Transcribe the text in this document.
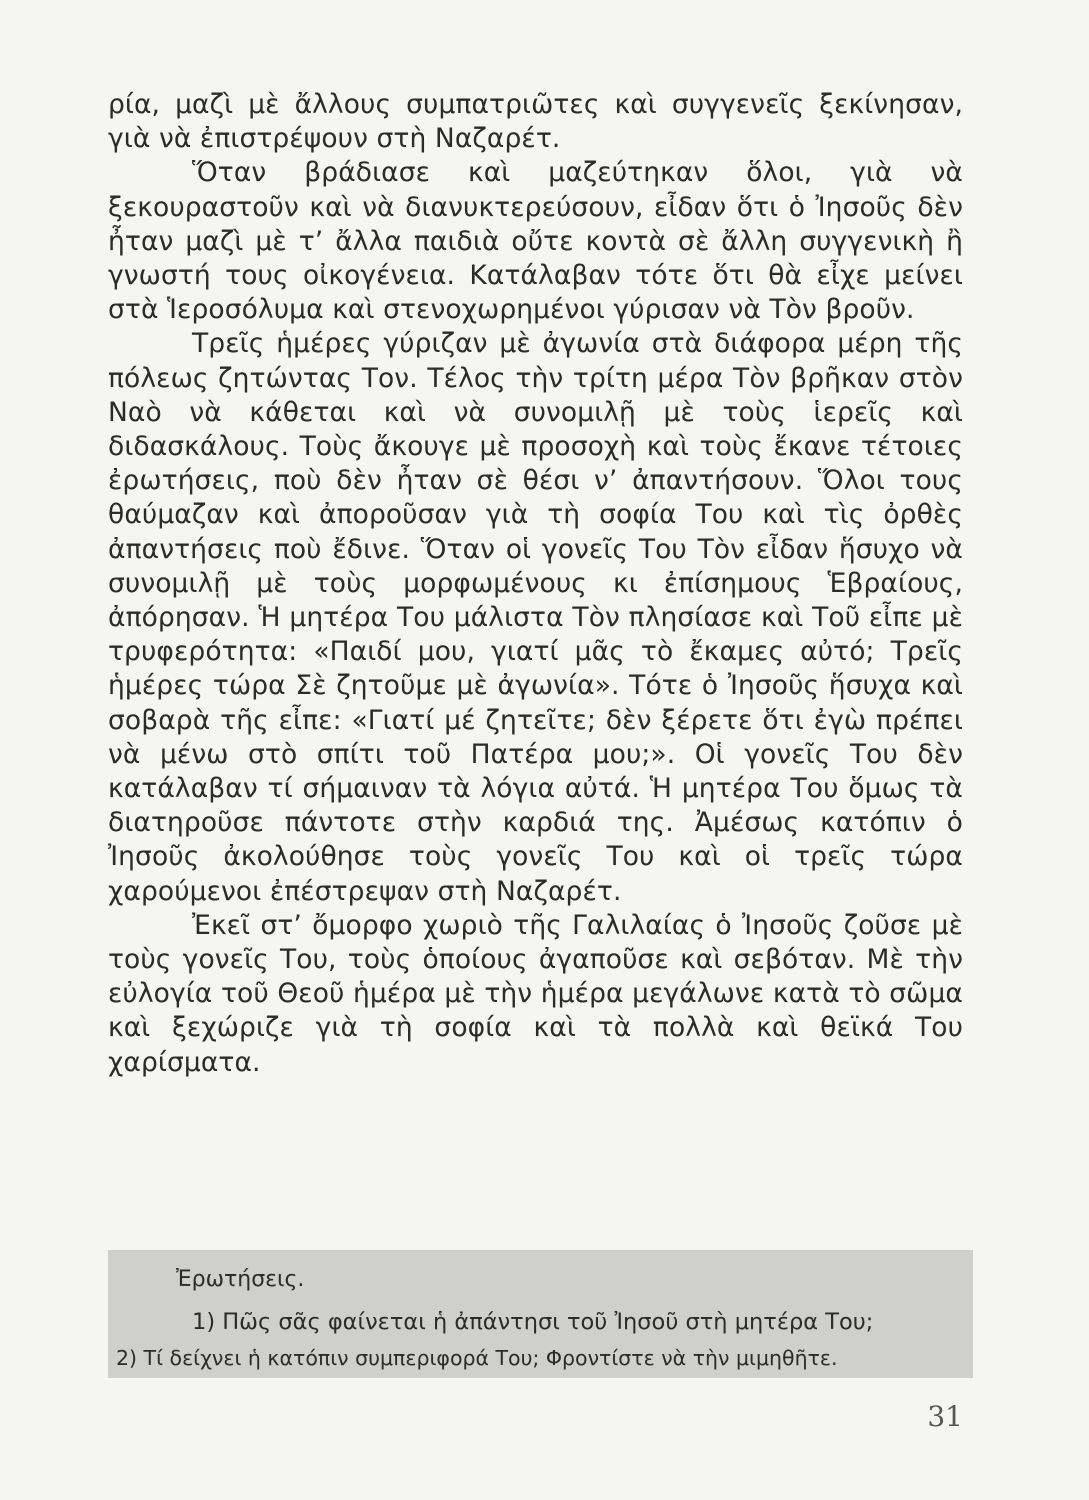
ρία, μαζὶ μὲ ἄλλους συμπατριῶτες καὶ συγγενεῖς ξεκίνησαν, γιὰ νὰ ἐπιστρέψουν στὴ Ναζαρέτ.

Ὅταν βράδιασε καὶ μαζεύτηκαν ὅλοι, γιὰ νὰ ξεκουραστοῦν καὶ νὰ διανυκτερεύσουν, εἶδαν ὅτι ὁ Ἰησοῦς δὲν ἦταν μαζὶ μὲ τ’ ἄλλα παιδιὰ οὔτε κοντὰ σὲ ἄλλη συγγενικὴ ἢ γνωστή τους οἰκογένεια. Κατάλαβαν τότε ὅτι θὰ εἶχε μείνει στὰ Ἱεροσόλυμα καὶ στενοχωρημένοι γύρισαν νὰ Τὸν βροῦν.

Τρεῖς ἡμέρες γύριζαν μὲ ἀγωνία στὰ διάφορα μέρη τῆς πόλεως ζητώντας Τον. Τέλος τὴν τρίτη μέρα Τὸν βρῆκαν στὸν Ναὸ νὰ κάθεται καὶ νὰ συνομιλῇ μὲ τοὺς ἱερεῖς καὶ διδασκάλους. Τοὺς ἄκουγε μὲ προσοχὴ καὶ τοὺς ἔκανε τέτοιες ἐρωτήσεις, ποὺ δὲν ἦταν σὲ θέσι ν’ ἀπαντήσουν. Ὅλοι τους θαύμαζαν καὶ ἀποροῦσαν γιὰ τὴ σοφία Του καὶ τὶς ὀρθὲς ἀπαντήσεις ποὺ ἔδινε. Ὅταν οἱ γονεῖς Του Τὸν εἶδαν ἥσυχο νὰ συνομιλῇ μὲ τοὺς μορφωμένους κι ἐπίσημους Ἑβραίους, ἀπόρησαν. Ἡ μητέρα Του μάλιστα Τὸν πλησίασε καὶ Τοῦ εἶπε μὲ τρυφερότητα: «Παιδί μου, γιατί μᾶς τὸ ἔκαμες αὐτό; Τρεῖς ἡμέρες τώρα Σὲ ζητοῦμε μὲ ἀγωνία». Τότε ὁ Ἰησοῦς ἥσυχα καὶ σοβαρὰ τῆς εἶπε: «Γιατί μέ ζητεῖτε; δὲν ξέρετε ὅτι ἐγὼ πρέπει νὰ μένω στὸ σπίτι τοῦ Πατέρα μου;». Οἱ γονεῖς Του δὲν κατάλαβαν τί σήμαιναν τὰ λόγια αὐτά. Ἡ μητέρα Του ὅμως τὰ διατηροῦσε πάντοτε στὴν καρδιά της. Ἀμέσως κατόπιν ὁ Ἰησοῦς ἀκολούθησε τοὺς γονεῖς Του καὶ οἱ τρεῖς τώρα χαρούμενοι ἐπέστρεψαν στὴ Ναζαρέτ.

Ἐκεῖ στ’ ὄμορφο χωριὸ τῆς Γαλιλαίας ὁ Ἰησοῦς ζοῦσε μὲ τοὺς γονεῖς Του, τοὺς ὁποίους ἀγαποῦσε καὶ σεβόταν. Μὲ τὴν εὐλογία τοῦ Θεοῦ ἡμέρα μὲ τὴν ἡμέρα μεγάλωνε κατὰ τὸ σῶμα καὶ ξεχώριζε γιὰ τὴ σοφία καὶ τὰ πολλὰ καὶ θεϊκά Του χαρίσματα.

Ἐρωτήσεις.
1) Πῶς σᾶς φαίνεται ἡ ἀπάντησι τοῦ Ἰησοῦ στὴ μητέρα Του;
2) Τί δείχνει ἡ κατόπιν συμπεριφορά Του; Φροντίστε νὰ τὴν μιμηθῆτε.
31
